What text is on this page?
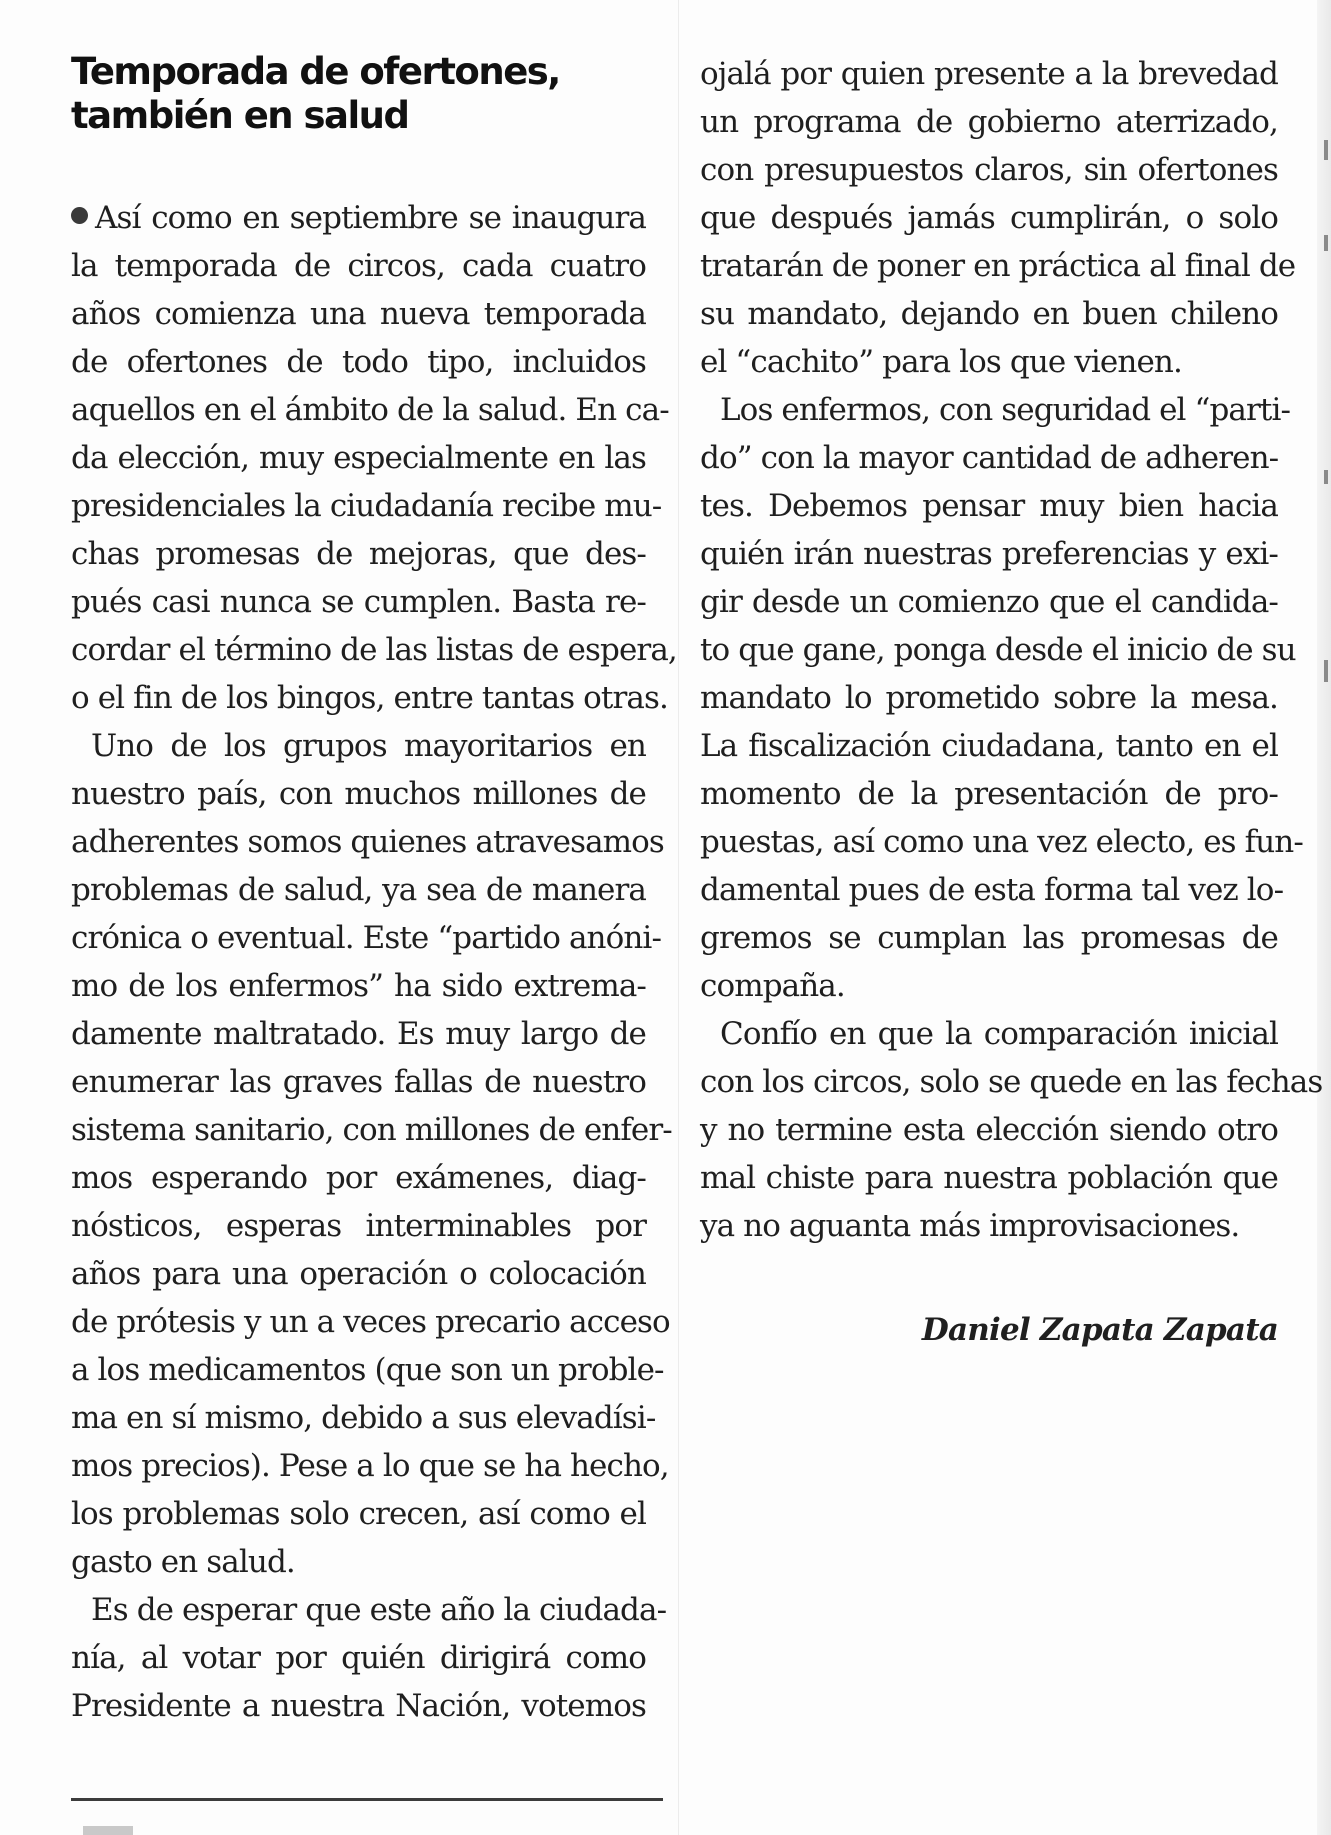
Temporada de ofertones,
también en salud
Así como en septiembre se inaugura
la temporada de circos, cada cuatro
años comienza una nueva temporada
de ofertones de todo tipo, incluidos
aquellos en el ámbito de la salud. En ca-
da elección, muy especialmente en las
presidenciales la ciudadanía recibe mu-
chas promesas de mejoras, que des-
pués casi nunca se cumplen. Basta re-
cordar el término de las listas de espera,
o el fin de los bingos, entre tantas otras.
Uno de los grupos mayoritarios en
nuestro país, con muchos millones de
adherentes somos quienes atravesamos
problemas de salud, ya sea de manera
crónica o eventual. Este “partido anóni-
mo de los enfermos” ha sido extrema-
damente maltratado. Es muy largo de
enumerar las graves fallas de nuestro
sistema sanitario, con millones de enfer-
mos esperando por exámenes, diag-
nósticos, esperas interminables por
años para una operación o colocación
de prótesis y un a veces precario acceso
a los medicamentos (que son un proble-
ma en sí mismo, debido a sus elevadísi-
mos precios). Pese a lo que se ha hecho,
los problemas solo crecen, así como el
gasto en salud.
Es de esperar que este año la ciudada-
nía, al votar por quién dirigirá como
Presidente a nuestra Nación, votemos
ojalá por quien presente a la brevedad
un programa de gobierno aterrizado,
con presupuestos claros, sin ofertones
que después jamás cumplirán, o solo
tratarán de poner en práctica al final de
su mandato, dejando en buen chileno
el “cachito” para los que vienen.
Los enfermos, con seguridad el “parti-
do” con la mayor cantidad de adheren-
tes. Debemos pensar muy bien hacia
quién irán nuestras preferencias y exi-
gir desde un comienzo que el candida-
to que gane, ponga desde el inicio de su
mandato lo prometido sobre la mesa.
La fiscalización ciudadana, tanto en el
momento de la presentación de pro-
puestas, así como una vez electo, es fun-
damental pues de esta forma tal vez lo-
gremos se cumplan las promesas de
compaña.
Confío en que la comparación inicial
con los circos, solo se quede en las fechas
y no termine esta elección siendo otro
mal chiste para nuestra población que
ya no aguanta más improvisaciones.
Daniel Zapata Zapata
